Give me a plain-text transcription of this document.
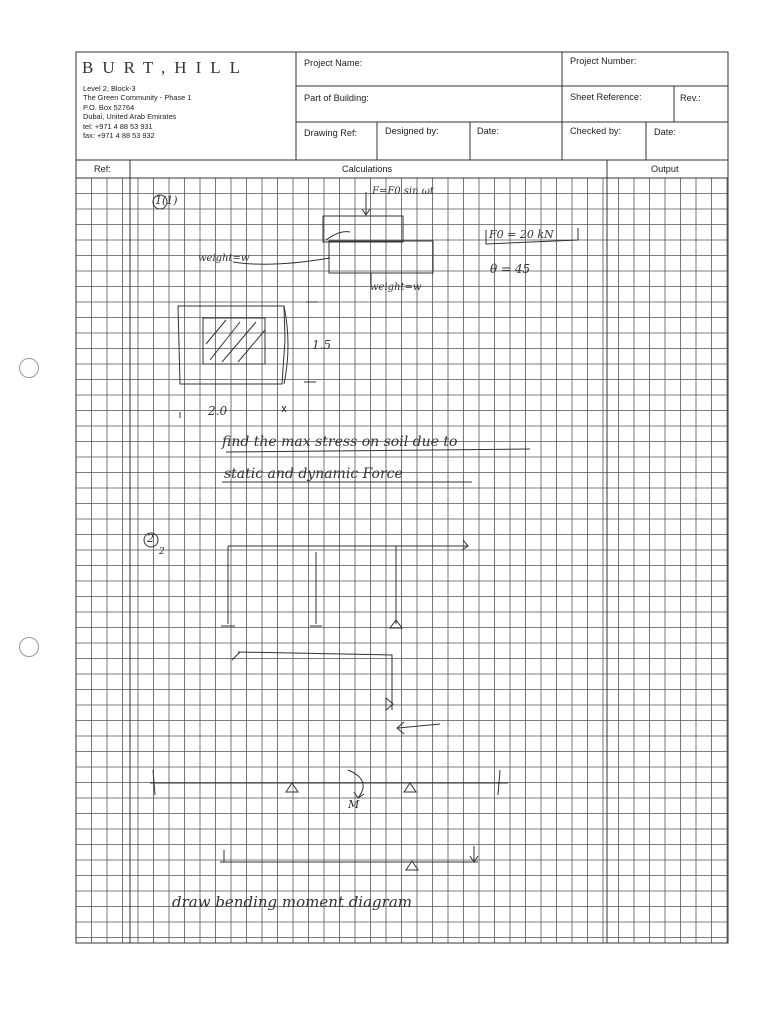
BURT,HILL
Level 2, Block-3
The Green Community - Phase 1
P.O. Box 52764
Dubai, United Arab Emirates
tel: +971 4 88 53 931
fax: +971 4 88 53 932
Project Name:	Project Number:
Part of Building:	Sheet Reference:	Rev.:
Drawing Ref:	Designed by:	Date:	Checked by:	Date:
Ref:	Calculations	Output
1(1)
F=F0 sin ωt
weight=w
weight=w
F0 = 20 kN
θ = 45
1.5
2.0
find the max stress on soil due to
static and dynamic Force
2
2
M
draw bending moment diagram
